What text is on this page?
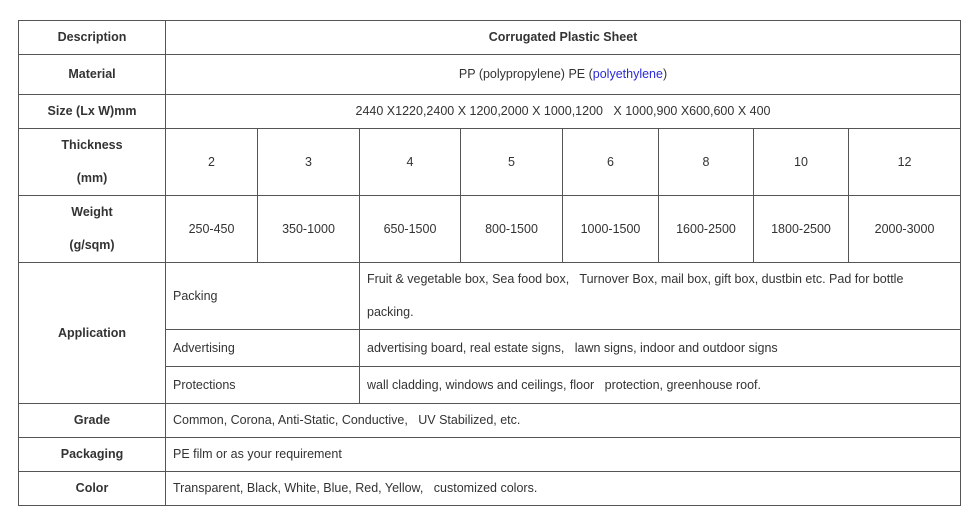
Description	Corrugated Plastic Sheet							
Material	PP (polypropylene) PE (polyethylene)							
Size (Lx W)mm	2440 X1220,2400 X 1200,2000 X 1000,1200   X 1000,900 X600,600 X 400							

Thickness
(mm)	2	3	4	5	6	8	10	12

Weight
(g/sqm)	250-450	350-1000	650-1500	800-1500	1000-1500	1600-2500	1800-2500	2000-3000
Application	Packing		Fruit & vegetable box, Sea food box,   Turnover Box, mail box, gift box, dustbin etc. Pad for bottle
packing.					

	Advertising		advertising board, real estate signs,   lawn signs, indoor and outdoor signs					
	Protections		wall cladding, windows and ceilings, floor   protection, greenhouse roof.					
Grade	Common, Corona, Anti-Static, Conductive,   UV Stabilized, etc.							
Packaging	PE film or as your requirement							
Color	Transparent, Black, White, Blue, Red, Yellow,   customized colors.							
